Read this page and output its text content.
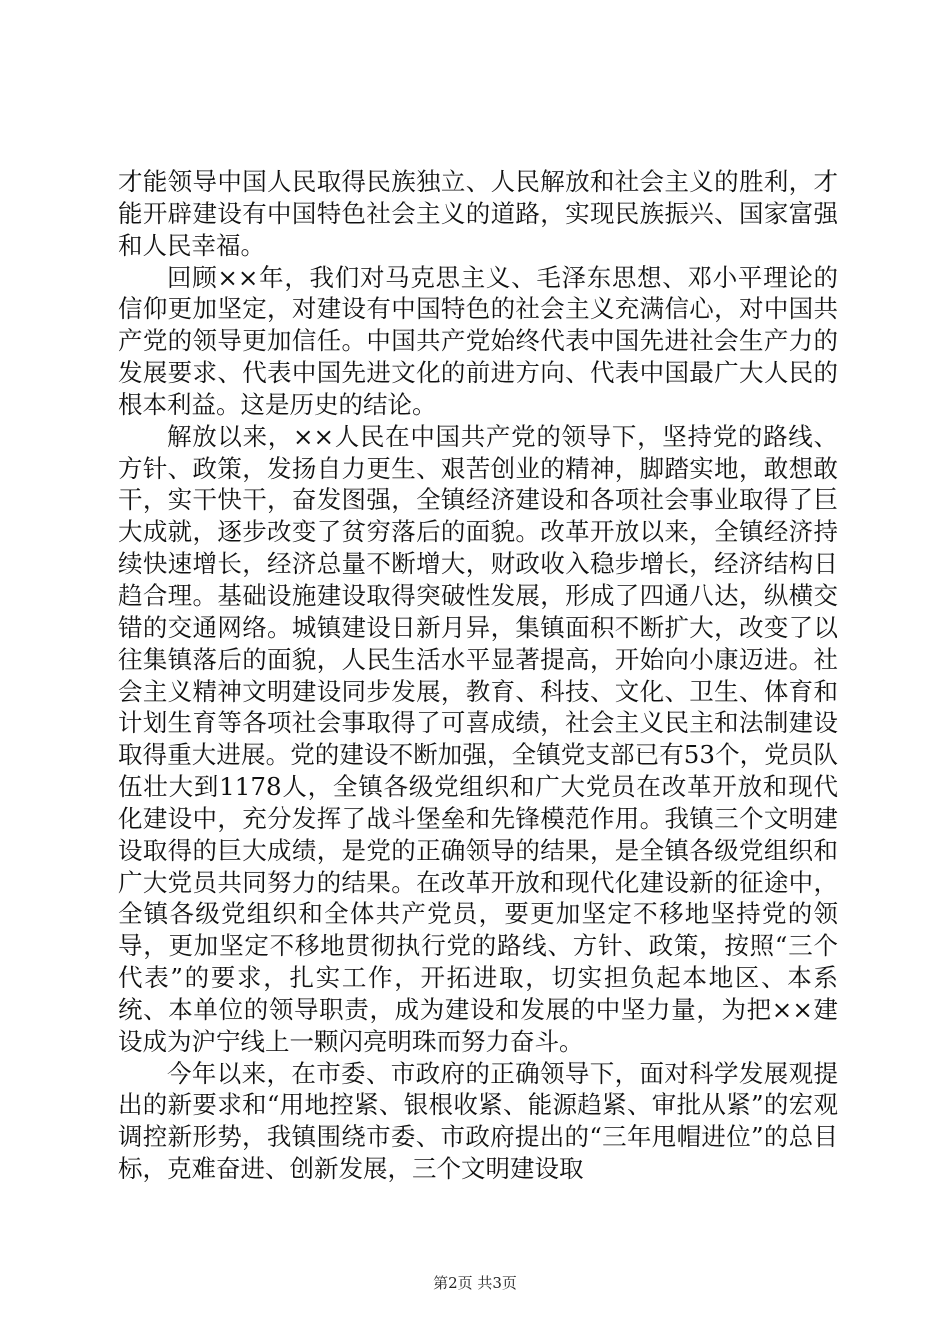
才能领导中国人民取得民族独立、人民解放和社会主义的胜利，才能开辟建设有中国特色社会主义的道路，实现民族振兴、国家富强和人民幸福。

回顾××年，我们对马克思主义、毛泽东思想、邓小平理论的信仰更加坚定，对建设有中国特色的社会主义充满信心，对中国共产党的领导更加信任。中国共产党始终代表中国先进社会生产力的发展要求、代表中国先进文化的前进方向、代表中国最广大人民的根本利益。这是历史的结论。

解放以来，××人民在中国共产党的领导下，坚持党的路线、方针、政策，发扬自力更生、艰苦创业的精神，脚踏实地，敢想敢干，实干快干，奋发图强，全镇经济建设和各项社会事业取得了巨大成就，逐步改变了贫穷落后的面貌。改革开放以来，全镇经济持续快速增长，经济总量不断增大，财政收入稳步增长，经济结构日趋合理。基础设施建设取得突破性发展，形成了四通八达，纵横交错的交通网络。城镇建设日新月异，集镇面积不断扩大，改变了以往集镇落后的面貌，人民生活水平显著提高，开始向小康迈进。社会主义精神文明建设同步发展，教育、科技、文化、卫生、体育和计划生育等各项社会事取得了可喜成绩，社会主义民主和法制建设取得重大进展。党的建设不断加强，全镇党支部已有53个，党员队伍壮大到1178人，全镇各级党组织和广大党员在改革开放和现代化建设中，充分发挥了战斗堡垒和先锋模范作用。我镇三个文明建设取得的巨大成绩，是党的正确领导的结果，是全镇各级党组织和广大党员共同努力的结果。在改革开放和现代化建设新的征途中，全镇各级党组织和全体共产党员，要更加坚定不移地坚持党的领导，更加坚定不移地贯彻执行党的路线、方针、政策，按照“三个代表”的要求，扎实工作，开拓进取，切实担负起本地区、本系统、本单位的领导职责，成为建设和发展的中坚力量，为把××建设成为沪宁线上一颗闪亮明珠而努力奋斗。

今年以来，在市委、市政府的正确领导下，面对科学发展观提出的新要求和“用地控紧、银根收紧、能源趋紧、审批从紧”的宏观调控新形势，我镇围绕市委、市政府提出的“三年甩帽进位”的总目标，克难奋进、创新发展，三个文明建设取

第2页 共3页
